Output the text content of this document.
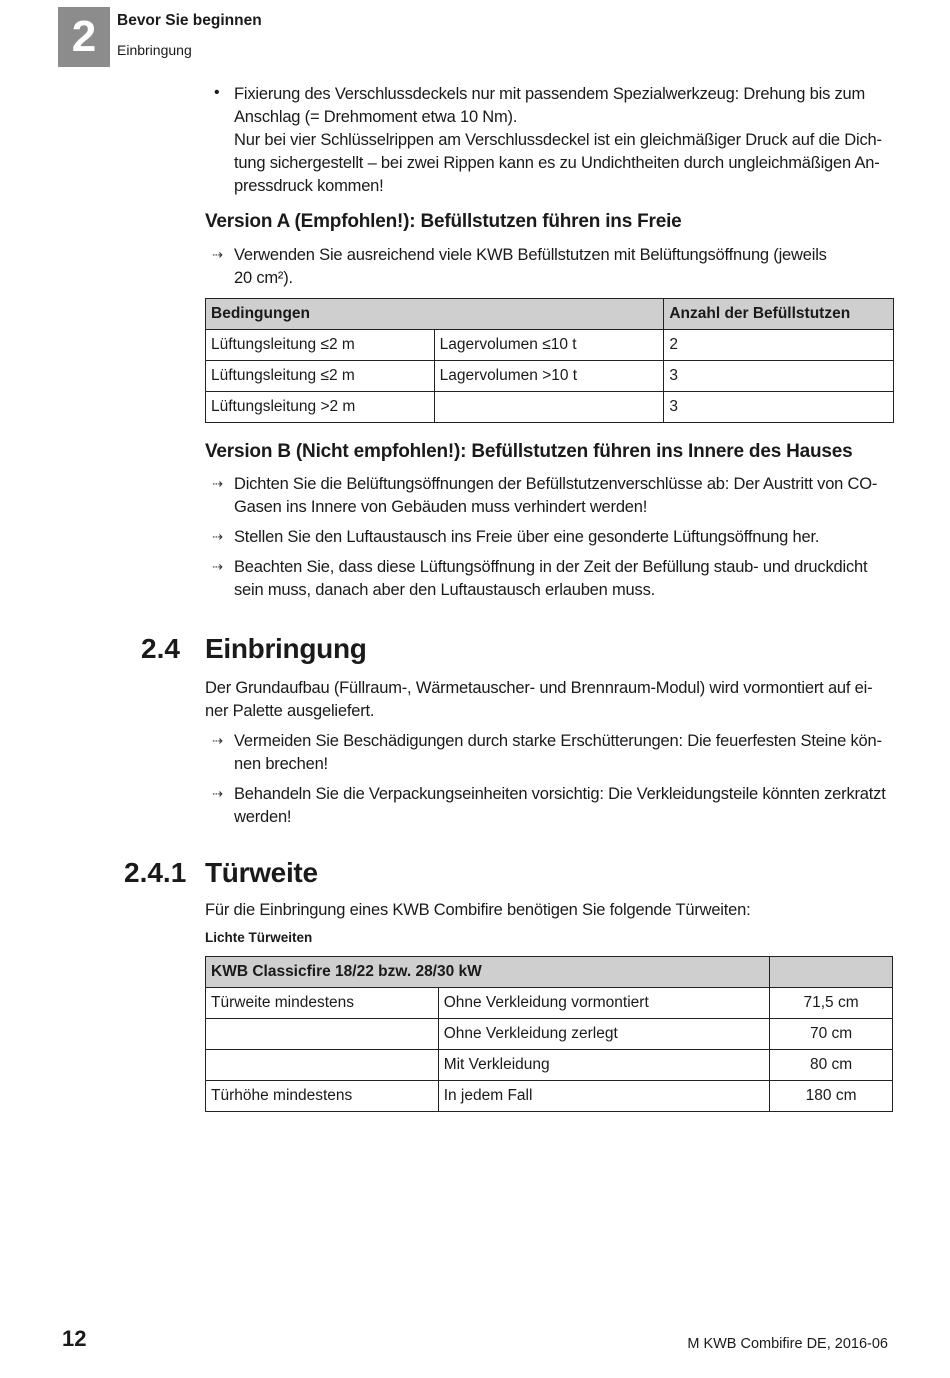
2	Bevor Sie beginnen
Einbringung
• Fixierung des Verschlussdeckels nur mit passendem Spezialwerkzeug: Drehung bis zum
Anschlag (= Drehmoment etwa 10 Nm).
Nur bei vier Schlüsselrippen am Verschlussdeckel ist ein gleichmäßiger Druck auf die Dich-
tung sichergestellt – bei zwei Rippen kann es zu Undichtheiten durch ungleichmäßigen An-
pressdruck kommen!
Version A (Empfohlen!): Befüllstutzen führen ins Freie
⇢ Verwenden Sie ausreichend viele KWB Befüllstutzen mit Belüftungsöffnung (jeweils
20 cm²).
Bedingungen		Anzahl der Befüllstutzen
Lüftungsleitung ≤2 m	Lagervolumen ≤10 t	2
Lüftungsleitung ≤2 m	Lagervolumen >10 t	3
Lüftungsleitung >2 m		3
Version B (Nicht empfohlen!): Befüllstutzen führen ins Innere des Hauses
⇢ Dichten Sie die Belüftungsöffnungen der Befüllstutzenverschlüsse ab: Der Austritt von CO-
Gasen ins Innere von Gebäuden muss verhindert werden!
⇢ Stellen Sie den Luftaustausch ins Freie über eine gesonderte Lüftungsöffnung her.
⇢ Beachten Sie, dass diese Lüftungsöffnung in der Zeit der Befüllung staub- und druckdicht
sein muss, danach aber den Luftaustausch erlauben muss.
2.4 Einbringung
Der Grundaufbau (Füllraum-, Wärmetauscher- und Brennraum-Modul) wird vormontiert auf ei-
ner Palette ausgeliefert.
⇢ Vermeiden Sie Beschädigungen durch starke Erschütterungen: Die feuerfesten Steine kön-
nen brechen!
⇢ Behandeln Sie die Verpackungseinheiten vorsichtig: Die Verkleidungsteile könnten zerkratzt
werden!
2.4.1 Türweite
Für die Einbringung eines KWB Combifire benötigen Sie folgende Türweiten:
Lichte Türweiten
KWB Classicfire 18/22 bzw. 28/30 kW		
Türweite mindestens	Ohne Verkleidung vormontiert	71,5 cm
	Ohne Verkleidung zerlegt	70 cm
	Mit Verkleidung	80 cm
Türhöhe mindestens	In jedem Fall	180 cm
12	M KWB Combifire DE, 2016-06
